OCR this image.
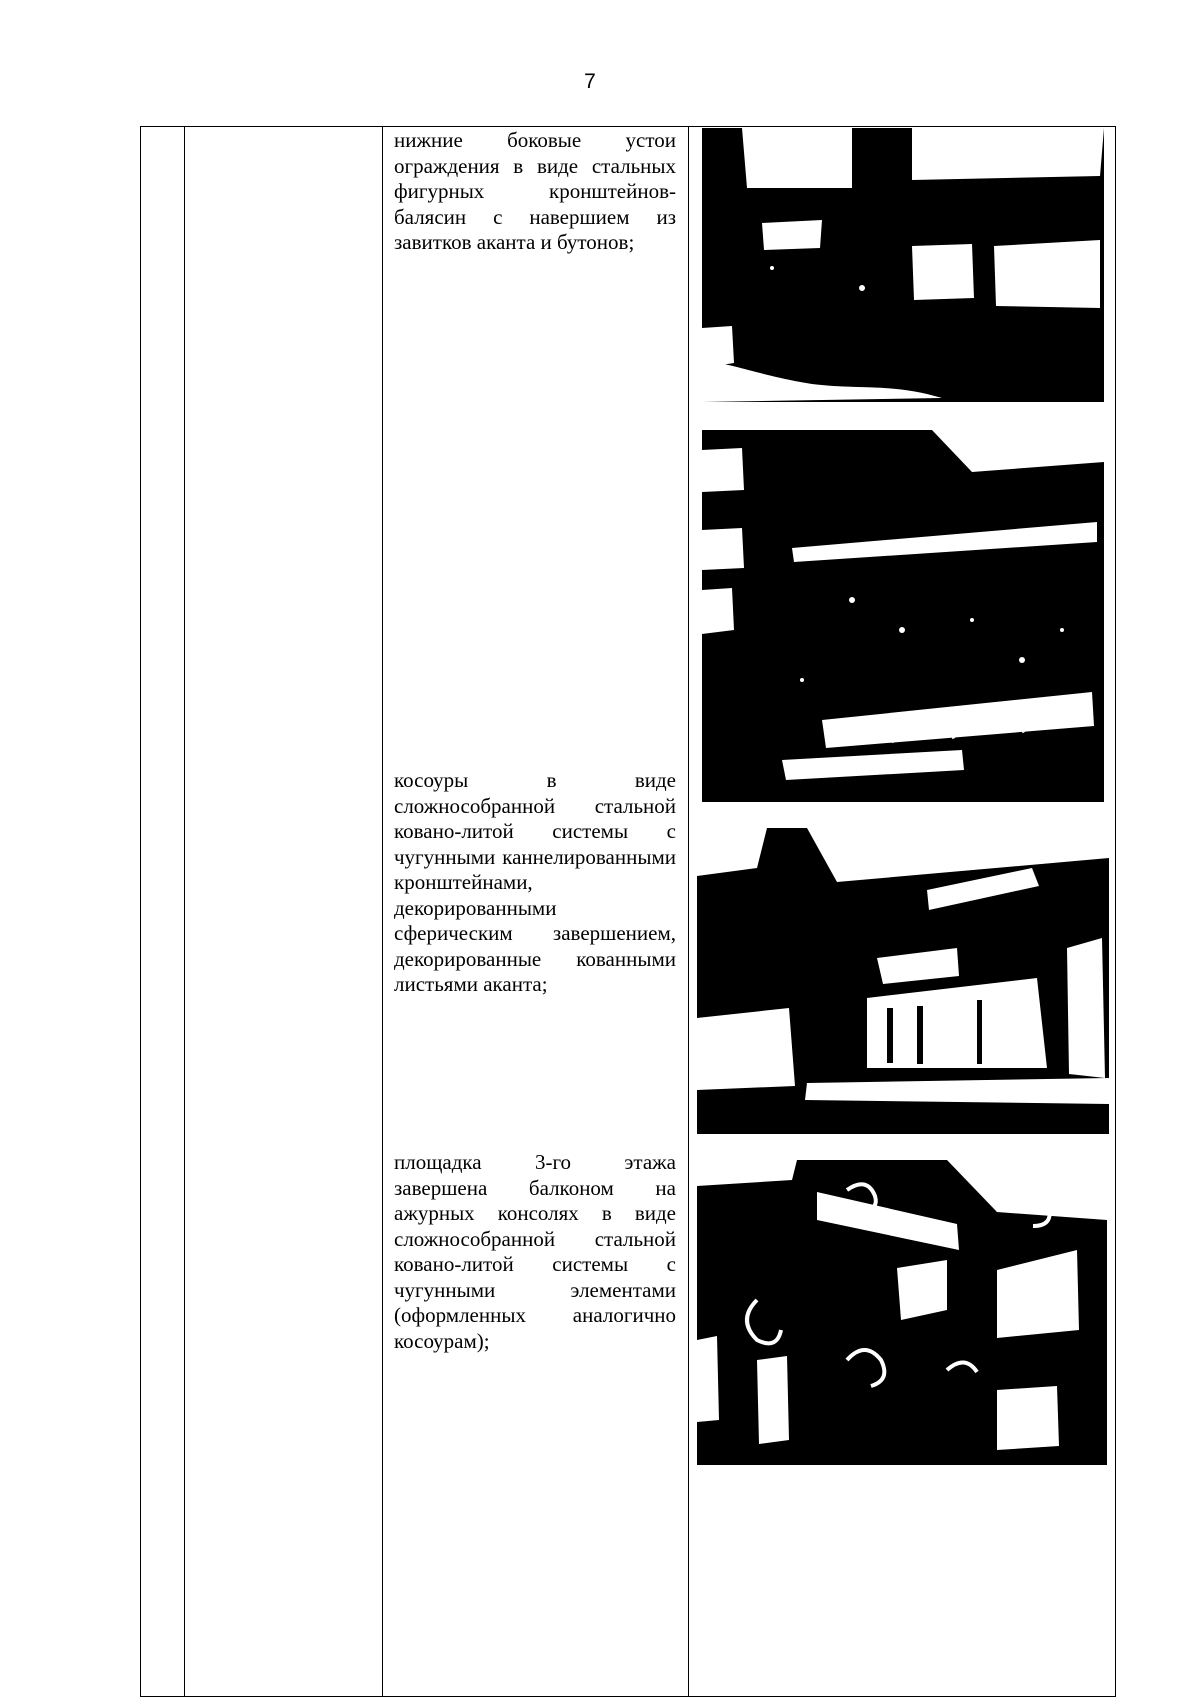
7
нижние боковые устои ограждения в виде стальных фигурных кронштейнов-балясин с навершием из завитков аканта и бутонов;
косоуры в виде сложнособранной стальной ковано-литой системы с чугунными каннелированными кронштейнами, декорированными сферическим завершением, декорированные кованными листьями аканта;
площадка 3-го этажа завершена балконом на ажурных консолях в виде сложнособранной стальной ковано-литой системы с чугунными элементами (оформленных аналогично косоурам);
